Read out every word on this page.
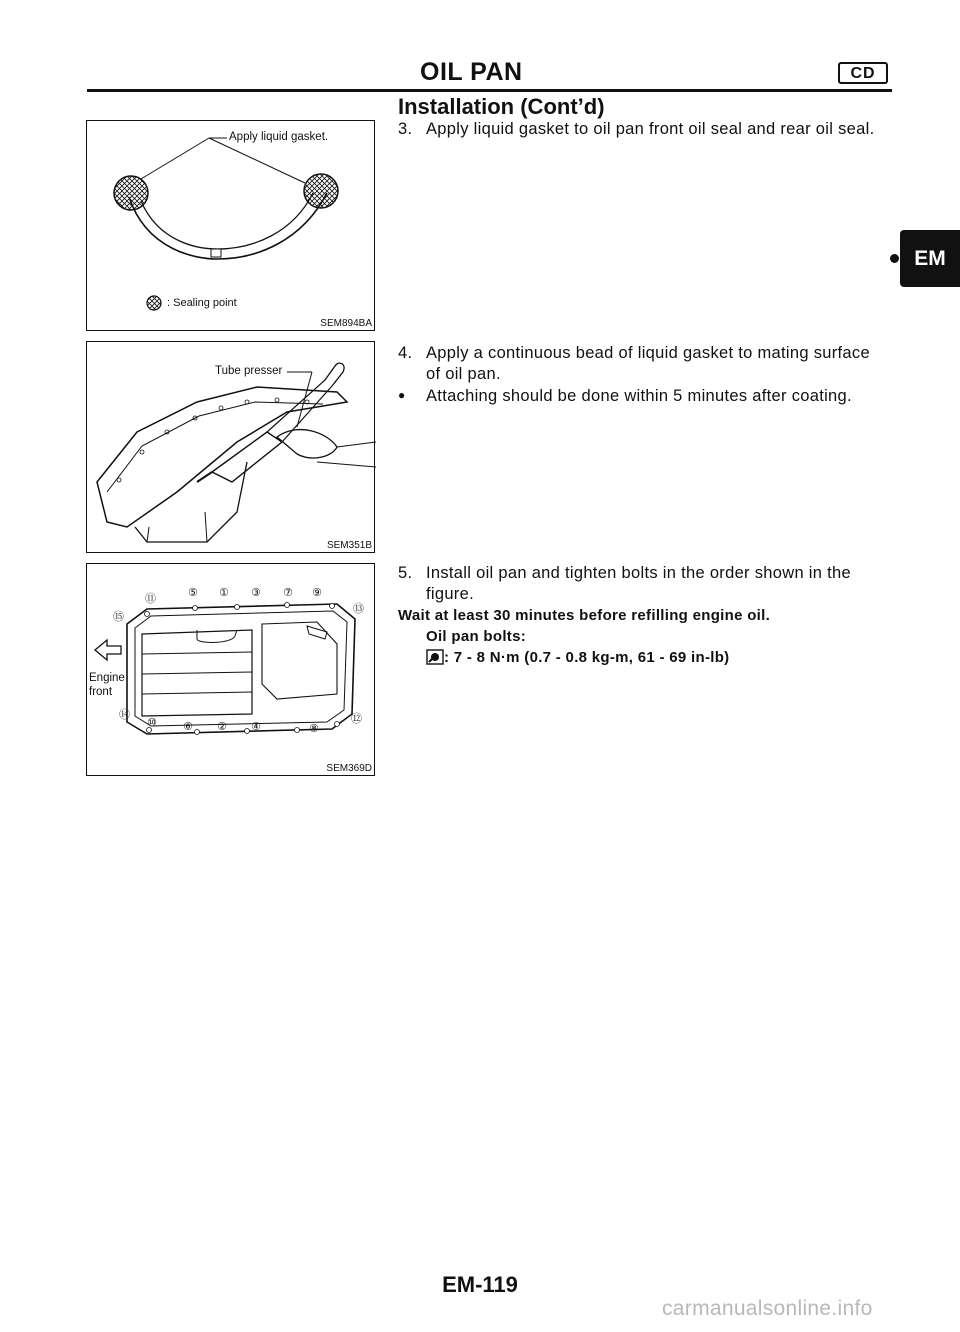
OIL PAN	CD
Installation (Cont’d)
EM
Apply liquid gasket.
: Sealing point
SEM894BA
Tube presser
SEM351B
Engine
front
⑪	⑤ ① ③ ⑦ ⑨
⑬
⑮
⑭
⑩ ⑥ ② ④	⑧
⑫
SEM369D
3. Apply liquid gasket to oil pan front oil seal and rear oil seal.
4. Apply a continuous bead of liquid gasket to mating surface
of oil pan.
● Attaching should be done within 5 minutes after coating.
5. Install oil pan and tighten bolts in the order shown in the
figure.
Wait at least 30 minutes before refilling engine oil.
Oil pan bolts:
: 7 - 8 N·m (0.7 - 0.8 kg-m, 61 - 69 in-lb)
EM-119
carmanualsonline.info
